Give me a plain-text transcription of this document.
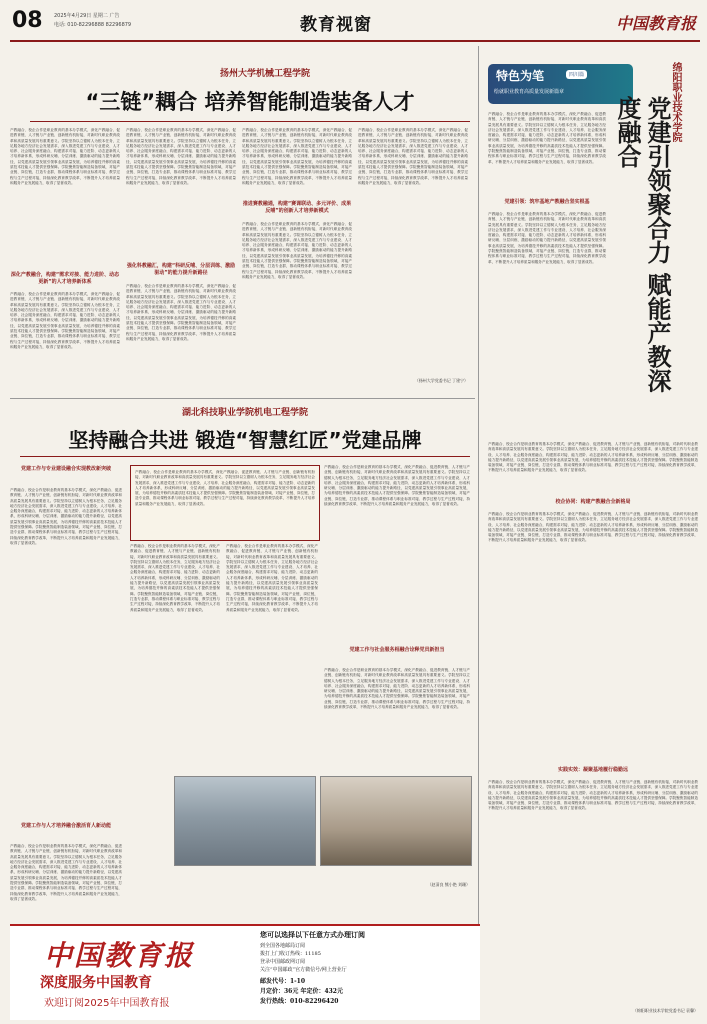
08 2025年4月29日 星期二 广告
电话: 010-82296888 82296879	教育视窗	中国教育报
扬州大学机械工程学院
“三链”耦合 培养智能制造装备人才
产教融合、校企合作是职业教育的基本办学模式，深化产教融合、促进教育链、人才链与产业链、创新链有机衔接，对新时代职业教育改革和高质量发展具有重要意义。学院坚持以立德树人为根本任务，立足服务地方经济社会发展需求，深入推进党建工作与专业建设、人才培养、社会服务深度融合，构建需求对接、能力进阶、动态更新的人才培养新体系，形成科研反哺、分层训练、激励驱动的能力提升新路径，以党建高质量发展引领事业高质量发展，为培养德技并修的高素质技术技能人才提供坚强保障。学院聚焦智能制造装备领域，对接产业链、岗位链，打造专业群，推动课程体系与职业标准对接、教学过程与生产过程对接，持续深化教育教学改革，不断提升人才培养质量和服务产业发展能力，取得了显著成效。
深化产教融合，构建“需求对接、能力进阶、动态更新”的人才培养新体系
产教融合、校企合作是职业教育的基本办学模式，深化产教融合、促进教育链、人才链与产业链、创新链有机衔接，对新时代职业教育改革和高质量发展具有重要意义。学院坚持以立德树人为根本任务，立足服务地方经济社会发展需求，深入推进党建工作与专业建设、人才培养、社会服务深度融合，构建需求对接、能力进阶、动态更新的人才培养新体系，形成科研反哺、分层训练、激励驱动的能力提升新路径，以党建高质量发展引领事业高质量发展，为培养德技并修的高素质技术技能人才提供坚强保障。学院聚焦智能制造装备领域，对接产业链、岗位链，打造专业群，推动课程体系与职业标准对接、教学过程与生产过程对接，持续深化教育教学改革，不断提升人才培养质量和服务产业发展能力，取得了显著成效。
产教融合、校企合作是职业教育的基本办学模式，深化产教融合、促进教育链、人才链与产业链、创新链有机衔接，对新时代职业教育改革和高质量发展具有重要意义。学院坚持以立德树人为根本任务，立足服务地方经济社会发展需求，深入推进党建工作与专业建设、人才培养、社会服务深度融合，构建需求对接、能力进阶、动态更新的人才培养新体系，形成科研反哺、分层训练、激励驱动的能力提升新路径，以党建高质量发展引领事业高质量发展，为培养德技并修的高素质技术技能人才提供坚强保障。学院聚焦智能制造装备领域，对接产业链、岗位链，打造专业群，推动课程体系与职业标准对接、教学过程与生产过程对接，持续深化教育教学改革，不断提升人才培养质量和服务产业发展能力，取得了显著成效。
强化科教融汇，构建“科研反哺、分层训练、激励驱动”的能力提升新路径
产教融合、校企合作是职业教育的基本办学模式，深化产教融合、促进教育链、人才链与产业链、创新链有机衔接，对新时代职业教育改革和高质量发展具有重要意义。学院坚持以立德树人为根本任务，立足服务地方经济社会发展需求，深入推进党建工作与专业建设、人才培养、社会服务深度融合，构建需求对接、能力进阶、动态更新的人才培养新体系，形成科研反哺、分层训练、激励驱动的能力提升新路径，以党建高质量发展引领事业高质量发展，为培养德技并修的高素质技术技能人才提供坚强保障。学院聚焦智能制造装备领域，对接产业链、岗位链，打造专业群，推动课程体系与职业标准对接、教学过程与生产过程对接，持续深化教育教学改革，不断提升人才培养质量和服务产业发展能力，取得了显著成效。
产教融合、校企合作是职业教育的基本办学模式，深化产教融合、促进教育链、人才链与产业链、创新链有机衔接，对新时代职业教育改革和高质量发展具有重要意义。学院坚持以立德树人为根本任务，立足服务地方经济社会发展需求，深入推进党建工作与专业建设、人才培养、社会服务深度融合，构建需求对接、能力进阶、动态更新的人才培养新体系，形成科研反哺、分层训练、激励驱动的能力提升新路径，以党建高质量发展引领事业高质量发展，为培养德技并修的高素质技术技能人才提供坚强保障。学院聚焦智能制造装备领域，对接产业链、岗位链，打造专业群，推动课程体系与职业标准对接、教学过程与生产过程对接，持续深化教育教学改革，不断提升人才培养质量和服务产业发展能力，取得了显著成效。
推进赛教融通，构建“赛课联动、多元评价、成果反哺”的创新人才培养新模式
产教融合、校企合作是职业教育的基本办学模式，深化产教融合、促进教育链、人才链与产业链、创新链有机衔接，对新时代职业教育改革和高质量发展具有重要意义。学院坚持以立德树人为根本任务，立足服务地方经济社会发展需求，深入推进党建工作与专业建设、人才培养、社会服务深度融合，构建需求对接、能力进阶、动态更新的人才培养新体系，形成科研反哺、分层训练、激励驱动的能力提升新路径，以党建高质量发展引领事业高质量发展，为培养德技并修的高素质技术技能人才提供坚强保障。学院聚焦智能制造装备领域，对接产业链、岗位链，打造专业群，推动课程体系与职业标准对接、教学过程与生产过程对接，持续深化教育教学改革，不断提升人才培养质量和服务产业发展能力，取得了显著成效。
产教融合、校企合作是职业教育的基本办学模式，深化产教融合、促进教育链、人才链与产业链、创新链有机衔接，对新时代职业教育改革和高质量发展具有重要意义。学院坚持以立德树人为根本任务，立足服务地方经济社会发展需求，深入推进党建工作与专业建设、人才培养、社会服务深度融合，构建需求对接、能力进阶、动态更新的人才培养新体系，形成科研反哺、分层训练、激励驱动的能力提升新路径，以党建高质量发展引领事业高质量发展，为培养德技并修的高素质技术技能人才提供坚强保障。学院聚焦智能制造装备领域，对接产业链、岗位链，打造专业群，推动课程体系与职业标准对接、教学过程与生产过程对接，持续深化教育教学改革，不断提升人才培养质量和服务产业发展能力，取得了显著成效。
（扬州大学党委书记 丁建宁）
湖北科技职业学院机电工程学院
坚持融合共进 锻造“智慧红匠”党建品牌
党建工作与专业建设融合实现教改新突破
产教融合、校企合作是职业教育的基本办学模式，深化产教融合、促进教育链、人才链与产业链、创新链有机衔接，对新时代职业教育改革和高质量发展具有重要意义。学院坚持以立德树人为根本任务，立足服务地方经济社会发展需求，深入推进党建工作与专业建设、人才培养、社会服务深度融合，构建需求对接、能力进阶、动态更新的人才培养新体系，形成科研反哺、分层训练、激励驱动的能力提升新路径，以党建高质量发展引领事业高质量发展，为培养德技并修的高素质技术技能人才提供坚强保障。学院聚焦智能制造装备领域，对接产业链、岗位链，打造专业群，推动课程体系与职业标准对接、教学过程与生产过程对接，持续深化教育教学改革，不断提升人才培养质量和服务产业发展能力，取得了显著成效。
党建工作与人才培养融合激活育人新动能
产教融合、校企合作是职业教育的基本办学模式，深化产教融合、促进教育链、人才链与产业链、创新链有机衔接，对新时代职业教育改革和高质量发展具有重要意义。学院坚持以立德树人为根本任务，立足服务地方经济社会发展需求，深入推进党建工作与专业建设、人才培养、社会服务深度融合，构建需求对接、能力进阶、动态更新的人才培养新体系，形成科研反哺、分层训练、激励驱动的能力提升新路径，以党建高质量发展引领事业高质量发展，为培养德技并修的高素质技术技能人才提供坚强保障。学院聚焦智能制造装备领域，对接产业链、岗位链，打造专业群，推动课程体系与职业标准对接、教学过程与生产过程对接，持续深化教育教学改革，不断提升人才培养质量和服务产业发展能力，取得了显著成效。
产教融合、校企合作是职业教育的基本办学模式，深化产教融合、促进教育链、人才链与产业链、创新链有机衔接，对新时代职业教育改革和高质量发展具有重要意义。学院坚持以立德树人为根本任务，立足服务地方经济社会发展需求，深入推进党建工作与专业建设、人才培养、社会服务深度融合，构建需求对接、能力进阶、动态更新的人才培养新体系，形成科研反哺、分层训练、激励驱动的能力提升新路径，以党建高质量发展引领事业高质量发展，为培养德技并修的高素质技术技能人才提供坚强保障。学院聚焦智能制造装备领域，对接产业链、岗位链，打造专业群，推动课程体系与职业标准对接、教学过程与生产过程对接，持续深化教育教学改革，不断提升人才培养质量和服务产业发展能力，取得了显著成效。
产教融合、校企合作是职业教育的基本办学模式，深化产教融合、促进教育链、人才链与产业链、创新链有机衔接，对新时代职业教育改革和高质量发展具有重要意义。学院坚持以立德树人为根本任务，立足服务地方经济社会发展需求，深入推进党建工作与专业建设、人才培养、社会服务深度融合，构建需求对接、能力进阶、动态更新的人才培养新体系，形成科研反哺、分层训练、激励驱动的能力提升新路径，以党建高质量发展引领事业高质量发展，为培养德技并修的高素质技术技能人才提供坚强保障。学院聚焦智能制造装备领域，对接产业链、岗位链，打造专业群，推动课程体系与职业标准对接、教学过程与生产过程对接，持续深化教育教学改革，不断提升人才培养质量和服务产业发展能力，取得了显著成效。
产教融合、校企合作是职业教育的基本办学模式，深化产教融合、促进教育链、人才链与产业链、创新链有机衔接，对新时代职业教育改革和高质量发展具有重要意义。学院坚持以立德树人为根本任务，立足服务地方经济社会发展需求，深入推进党建工作与专业建设、人才培养、社会服务深度融合，构建需求对接、能力进阶、动态更新的人才培养新体系，形成科研反哺、分层训练、激励驱动的能力提升新路径，以党建高质量发展引领事业高质量发展，为培养德技并修的高素质技术技能人才提供坚强保障。学院聚焦智能制造装备领域，对接产业链、岗位链，打造专业群，推动课程体系与职业标准对接、教学过程与生产过程对接，持续深化教育教学改革，不断提升人才培养质量和服务产业发展能力，取得了显著成效。
产教融合、校企合作是职业教育的基本办学模式，深化产教融合、促进教育链、人才链与产业链、创新链有机衔接，对新时代职业教育改革和高质量发展具有重要意义。学院坚持以立德树人为根本任务，立足服务地方经济社会发展需求，深入推进党建工作与专业建设、人才培养、社会服务深度融合，构建需求对接、能力进阶、动态更新的人才培养新体系，形成科研反哺、分层训练、激励驱动的能力提升新路径，以党建高质量发展引领事业高质量发展，为培养德技并修的高素质技术技能人才提供坚强保障。学院聚焦智能制造装备领域，对接产业链、岗位链，打造专业群，推动课程体系与职业标准对接、教学过程与生产过程对接，持续深化教育教学改革，不断提升人才培养质量和服务产业发展能力，取得了显著成效。
党建工作与社会服务相融合诠释党员新担当
产教融合、校企合作是职业教育的基本办学模式，深化产教融合、促进教育链、人才链与产业链、创新链有机衔接，对新时代职业教育改革和高质量发展具有重要意义。学院坚持以立德树人为根本任务，立足服务地方经济社会发展需求，深入推进党建工作与专业建设、人才培养、社会服务深度融合，构建需求对接、能力进阶、动态更新的人才培养新体系，形成科研反哺、分层训练、激励驱动的能力提升新路径，以党建高质量发展引领事业高质量发展，为培养德技并修的高素质技术技能人才提供坚强保障。学院聚焦智能制造装备领域，对接产业链、岗位链，打造专业群，推动课程体系与职业标准对接、教学过程与生产过程对接，持续深化教育教学改革，不断提升人才培养质量和服务产业发展能力，取得了显著成效。
（赵清良 熊小艳 刘珊）
特色为笔	四川篇
绘就职业教育高质量发展新篇章	绵阳职业技术学院
党建引领聚合力 赋能产教深度融合
产教融合、校企合作是职业教育的基本办学模式，深化产教融合、促进教育链、人才链与产业链、创新链有机衔接，对新时代职业教育改革和高质量发展具有重要意义。学院坚持以立德树人为根本任务，立足服务地方经济社会发展需求，深入推进党建工作与专业建设、人才培养、社会服务深度融合，构建需求对接、能力进阶、动态更新的人才培养新体系，形成科研反哺、分层训练、激励驱动的能力提升新路径，以党建高质量发展引领事业高质量发展，为培养德技并修的高素质技术技能人才提供坚强保障。学院聚焦智能制造装备领域，对接产业链、岗位链，打造专业群，推动课程体系与职业标准对接、教学过程与生产过程对接，持续深化教育教学改革，不断提升人才培养质量和服务产业发展能力，取得了显著成效。
党建引领：筑牢基地产教融合坚实根基
产教融合、校企合作是职业教育的基本办学模式，深化产教融合、促进教育链、人才链与产业链、创新链有机衔接，对新时代职业教育改革和高质量发展具有重要意义。学院坚持以立德树人为根本任务，立足服务地方经济社会发展需求，深入推进党建工作与专业建设、人才培养、社会服务深度融合，构建需求对接、能力进阶、动态更新的人才培养新体系，形成科研反哺、分层训练、激励驱动的能力提升新路径，以党建高质量发展引领事业高质量发展，为培养德技并修的高素质技术技能人才提供坚强保障。学院聚焦智能制造装备领域，对接产业链、岗位链，打造专业群，推动课程体系与职业标准对接、教学过程与生产过程对接，持续深化教育教学改革，不断提升人才培养质量和服务产业发展能力，取得了显著成效。
产教融合、校企合作是职业教育的基本办学模式，深化产教融合、促进教育链、人才链与产业链、创新链有机衔接，对新时代职业教育改革和高质量发展具有重要意义。学院坚持以立德树人为根本任务，立足服务地方经济社会发展需求，深入推进党建工作与专业建设、人才培养、社会服务深度融合，构建需求对接、能力进阶、动态更新的人才培养新体系，形成科研反哺、分层训练、激励驱动的能力提升新路径，以党建高质量发展引领事业高质量发展，为培养德技并修的高素质技术技能人才提供坚强保障。学院聚焦智能制造装备领域，对接产业链、岗位链，打造专业群，推动课程体系与职业标准对接、教学过程与生产过程对接，持续深化教育教学改革，不断提升人才培养质量和服务产业发展能力，取得了显著成效。
校企协同：构建产教融合全新格局
产教融合、校企合作是职业教育的基本办学模式，深化产教融合、促进教育链、人才链与产业链、创新链有机衔接，对新时代职业教育改革和高质量发展具有重要意义。学院坚持以立德树人为根本任务，立足服务地方经济社会发展需求，深入推进党建工作与专业建设、人才培养、社会服务深度融合，构建需求对接、能力进阶、动态更新的人才培养新体系，形成科研反哺、分层训练、激励驱动的能力提升新路径，以党建高质量发展引领事业高质量发展，为培养德技并修的高素质技术技能人才提供坚强保障。学院聚焦智能制造装备领域，对接产业链、岗位链，打造专业群，推动课程体系与职业标准对接、教学过程与生产过程对接，持续深化教育教学改革，不断提升人才培养质量和服务产业发展能力，取得了显著成效。
实践实效：凝聚基地履行稳勤远
产教融合、校企合作是职业教育的基本办学模式，深化产教融合、促进教育链、人才链与产业链、创新链有机衔接，对新时代职业教育改革和高质量发展具有重要意义。学院坚持以立德树人为根本任务，立足服务地方经济社会发展需求，深入推进党建工作与专业建设、人才培养、社会服务深度融合，构建需求对接、能力进阶、动态更新的人才培养新体系，形成科研反哺、分层训练、激励驱动的能力提升新路径，以党建高质量发展引领事业高质量发展，为培养德技并修的高素质技术技能人才提供坚强保障。学院聚焦智能制造装备领域，对接产业链、岗位链，打造专业群，推动课程体系与职业标准对接、教学过程与生产过程对接，持续深化教育教学改革，不断提升人才培养质量和服务产业发展能力，取得了显著成效。
（绵阳职业技术学院党委书记 袁馨）
中国教育报
深度服务中国教育
欢迎订阅2025年中国教育报
您可以选择以下任意方式办理订阅
到全国各地邮局订阅
拨打上门收订热线：11185
登录中国邮政网订阅
关注“中国邮政”官方微信号/网上营业厅
邮发代号：1-10
月定价：36元 年定价：432元
发行热线：010-82296420
